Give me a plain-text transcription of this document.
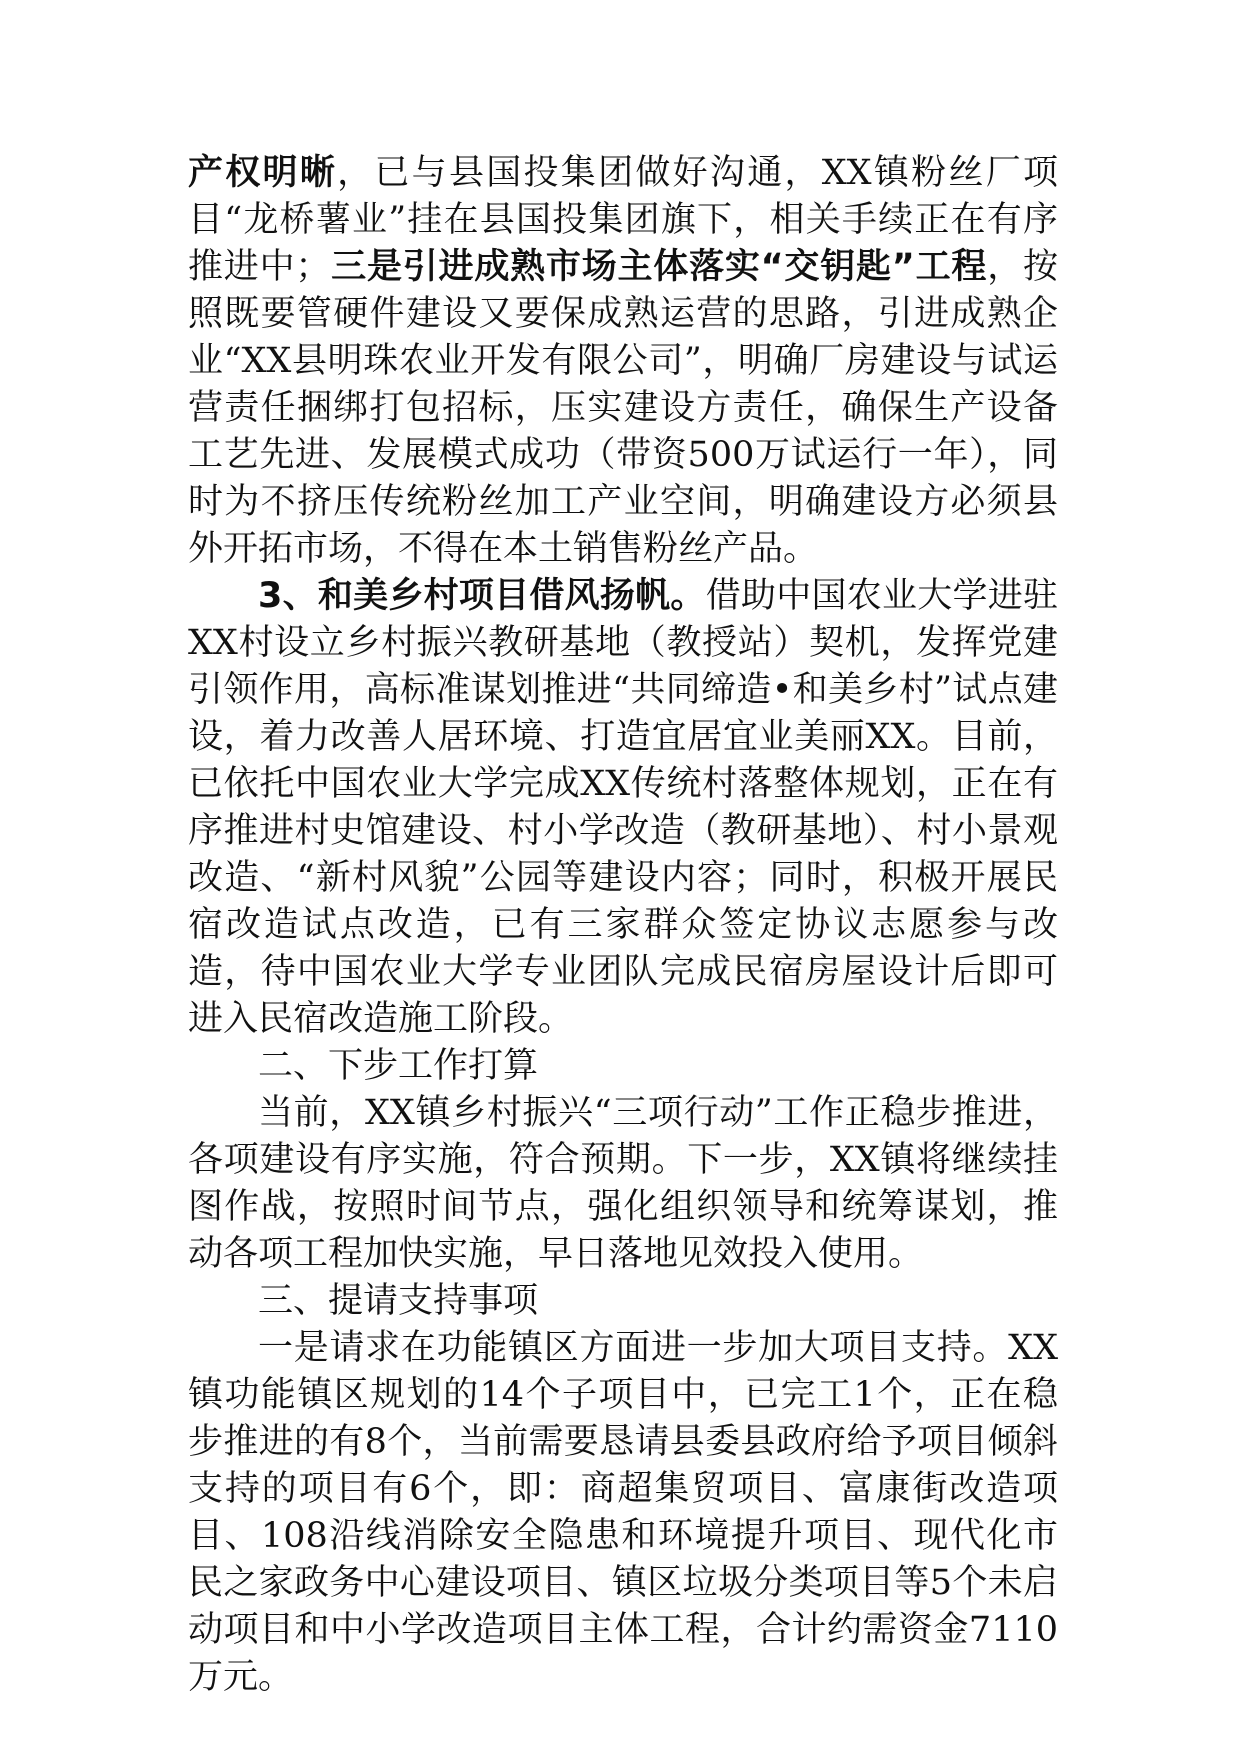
产权明晰，已与县国投集团做好沟通，XX镇粉丝厂项目“龙桥薯业”挂在县国投集团旗下，相关手续正在有序推进中；三是引进成熟市场主体落实“交钥匙”工程，按照既要管硬件建设又要保成熟运营的思路，引进成熟企业“XX县明珠农业开发有限公司”，明确厂房建设与试运营责任捆绑打包招标，压实建设方责任，确保生产设备工艺先进、发展模式成功（带资500万试运行一年），同时为不挤压传统粉丝加工产业空间，明确建设方必须县外开拓市场，不得在本土销售粉丝产品。

3、和美乡村项目借风扬帆。借助中国农业大学进驻XX村设立乡村振兴教研基地（教授站）契机，发挥党建引领作用，高标准谋划推进“共同缔造•和美乡村”试点建设，着力改善人居环境、打造宜居宜业美丽XX。目前，已依托中国农业大学完成XX传统村落整体规划，正在有序推进村史馆建设、村小学改造（教研基地）、村小景观改造、“新村风貌”公园等建设内容；同时，积极开展民宿改造试点改造，已有三家群众签定协议志愿参与改造，待中国农业大学专业团队完成民宿房屋设计后即可进入民宿改造施工阶段。

二、下步工作打算

当前，XX镇乡村振兴“三项行动”工作正稳步推进，各项建设有序实施，符合预期。下一步，XX镇将继续挂图作战，按照时间节点，强化组织领导和统筹谋划，推动各项工程加快实施，早日落地见效投入使用。

三、提请支持事项

一是请求在功能镇区方面进一步加大项目支持。XX镇功能镇区规划的14个子项目中，已完工1个，正在稳步推进的有8个，当前需要恳请县委县政府给予项目倾斜支持的项目有6个，即：商超集贸项目、富康街改造项目、108沿线消除安全隐患和环境提升项目、现代化市民之家政务中心建设项目、镇区垃圾分类项目等5个未启动项目和中小学改造项目主体工程，合计约需资金7110万元。
